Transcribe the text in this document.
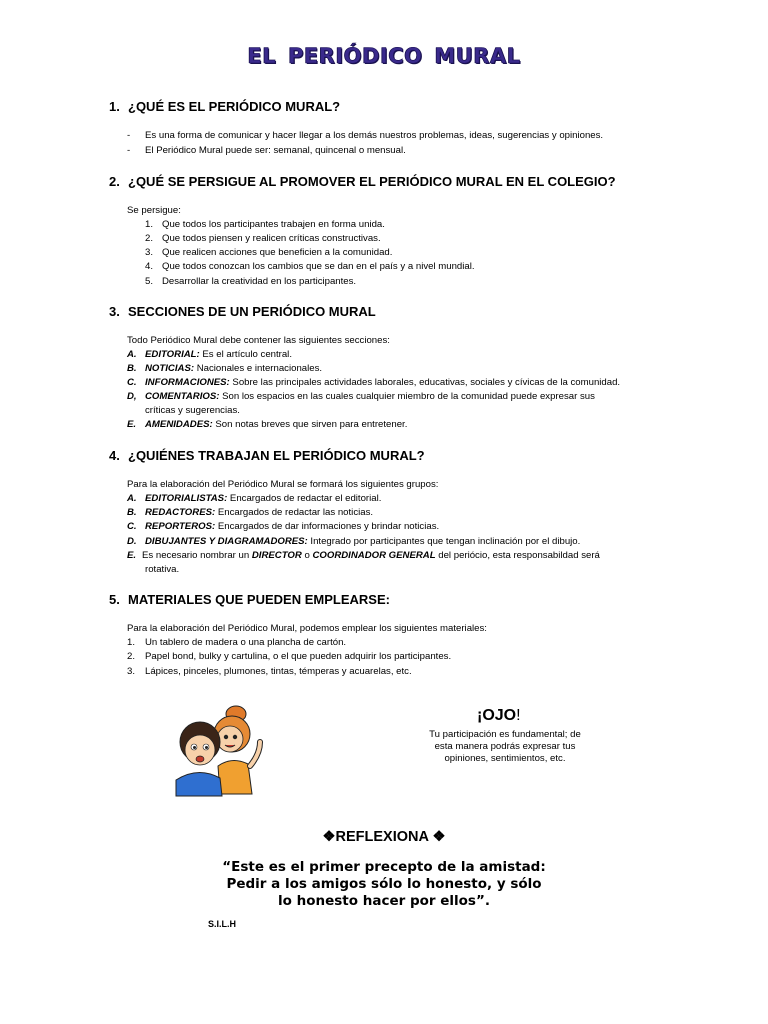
EL PERIÓDICO MURAL
1. ¿QUÉ ES EL PERIÓDICO MURAL?
- Es una forma de comunicar y hacer llegar a los demás nuestros problemas, ideas, sugerencias y opiniones.
- El Periódico Mural puede ser: semanal, quincenal o mensual.
2. ¿QUÉ SE PERSIGUE AL PROMOVER EL PERIÓDICO MURAL EN EL COLEGIO?
Se persigue:
1. Que todos los participantes trabajen en forma unida.
2. Que todos piensen y realicen críticas constructivas.
3. Que realicen acciones que beneficien a la comunidad.
4. Que todos conozcan los cambios que se dan en el país y a nivel mundial.
5. Desarrollar la creatividad en los participantes.
3. SECCIONES DE UN PERIÓDICO MURAL
Todo Periódico Mural debe contener las siguientes secciones:
A. EDITORIAL: Es el artículo central.
B. NOTICIAS: Nacionales e internacionales.
C. INFORMACIONES: Sobre las principales actividades laborales, educativas, sociales y cívicas de la comunidad.
D, COMENTARIOS: Son los espacios en las cuales cualquier miembro de la comunidad puede expresar sus
críticas y sugerencias.
E. AMENIDADES: Son notas breves que sirven para entretener.
4. ¿QUIÉNES TRABAJAN EL PERIÓDICO MURAL?
Para la elaboración del Periódico Mural se formará los siguientes grupos:
A. EDITORIALISTAS: Encargados de redactar el editorial.
B. REDACTORES: Encargados de redactar las noticias.
C. REPORTEROS: Encargados de dar informaciones y brindar noticias.
D. DIBUJANTES Y DIAGRAMADORES: Integrado por participantes que tengan inclinación por el dibujo.
E. Es necesario nombrar un DIRECTOR o COORDINADOR GENERAL del periócio, esta responsabildad será
rotativa.
5. MATERIALES QUE PUEDEN EMPLEARSE:
Para la elaboración del Periódico Mural, podemos emplear los siguientes materiales:
1. Un tablero de madera o una plancha de cartón.
2. Papel bond, bulky y cartulina, o el que pueden adquirir los participantes.
3. Lápices, pinceles, plumones, tintas, témperas y acuarelas, etc.
¡OJO!
Tu participación es fundamental; de
esta manera podrás expresar tus
opiniones, sentimientos, etc.
❖REFLEXIONA ❖
“Este es el primer precepto de la amistad:
Pedir a los amigos sólo lo honesto, y sólo
lo honesto hacer por ellos”.
S.I.L.H
